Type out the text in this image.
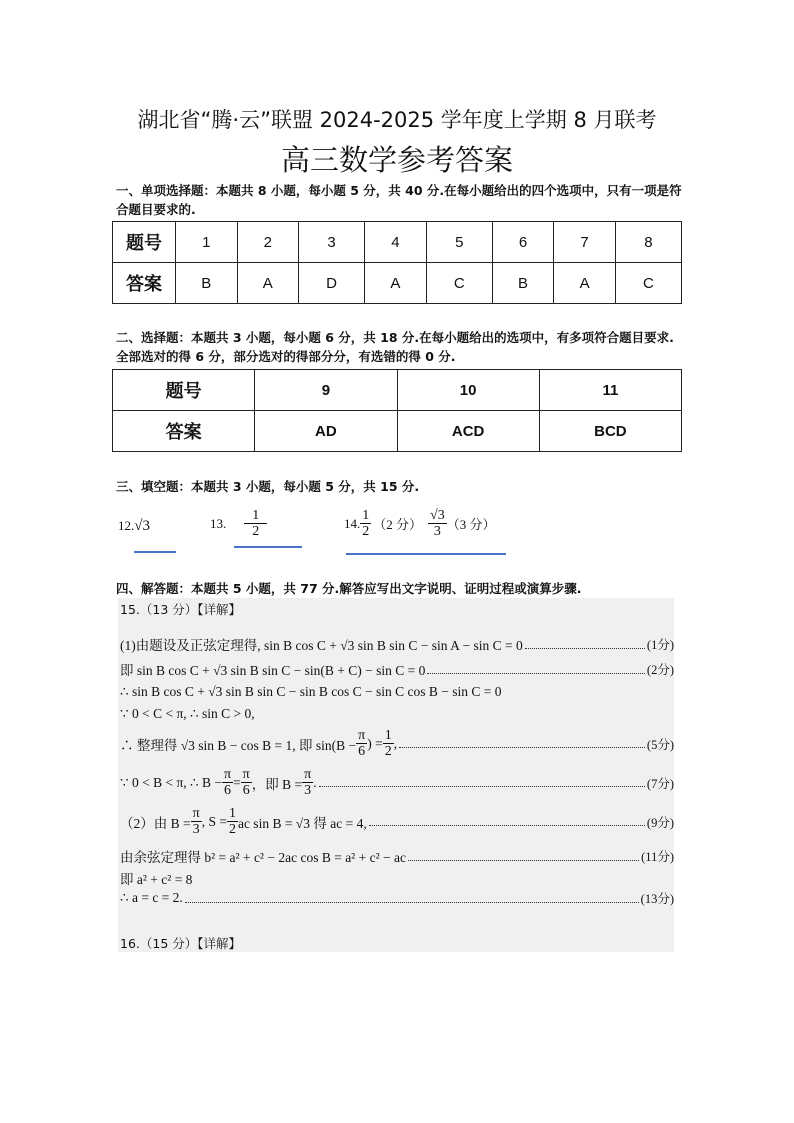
湖北省“腾·云”联盟 2024-2025 学年度上学期 8 月联考
高三数学参考答案
一、单项选择题：本题共 8 小题，每小题 5 分，共 40 分.在每小题给出的四个选项中，只有一项是符合题目要求的.
题号	1	2	3	4	5	6	7	8
答案	B	A	D	A	C	B	A	C
二、选择题：本题共 3 小题，每小题 6 分，共 18 分.在每小题给出的选项中，有多项符合题目要求.全部选对的得 6 分，部分选对的得部分分，有选错的得 0 分.
题号	9	10	11
答案	AD	ACD	BCD
三、填空题：本题共 3 小题，每小题 5 分，共 15 分.
12.√3	13. $\frac{1}{2}$	14. $\frac{1}{2} (2$ 分） $\frac{√3}{3} (3$ 分）
四、解答题：本题共 5 小题，共 77 分.解答应写出文字说明、证明过程或演算步骤.
15.（13 分）【详解】
(1)由题设及正弦定理得, sin B cos C + √3 sin B sin C − sin A − sin C = 0	(1分)
即 sin B cos C + √3 sin B sin C − sin(B + C) − sin C = 0	(2分)
∴ sin B cos C + √3 sin B sin C − sin B cos C − sin C cos B − sin C = 0
∵ 0 < C < π, ∴ sin C > 0,
∴ 整理得 √3 sin B − cos B = 1, 即 $\sin(B - \frac{\pi}{6}$ ) = $\frac{1}{2}$ ,	(5分)
∵ 0 < B < π, ∴ $B - \frac{\pi}{6} = \frac{\pi}{6}$ ，即 $B = \frac{\pi}{3}$ .	(7分)
（2）由 $B = \frac{\pi}{3}$ , $S = \frac{1}{2}$ ac sin B = √3 得 ac = 4,	(9分)
由余弦定理得 b² = a² + c² − 2ac cos B = a² + c² − ac	(11分)
即 a² + c² = 8
∴ a = c = 2.	(13分)
16.（15 分）【详解】
